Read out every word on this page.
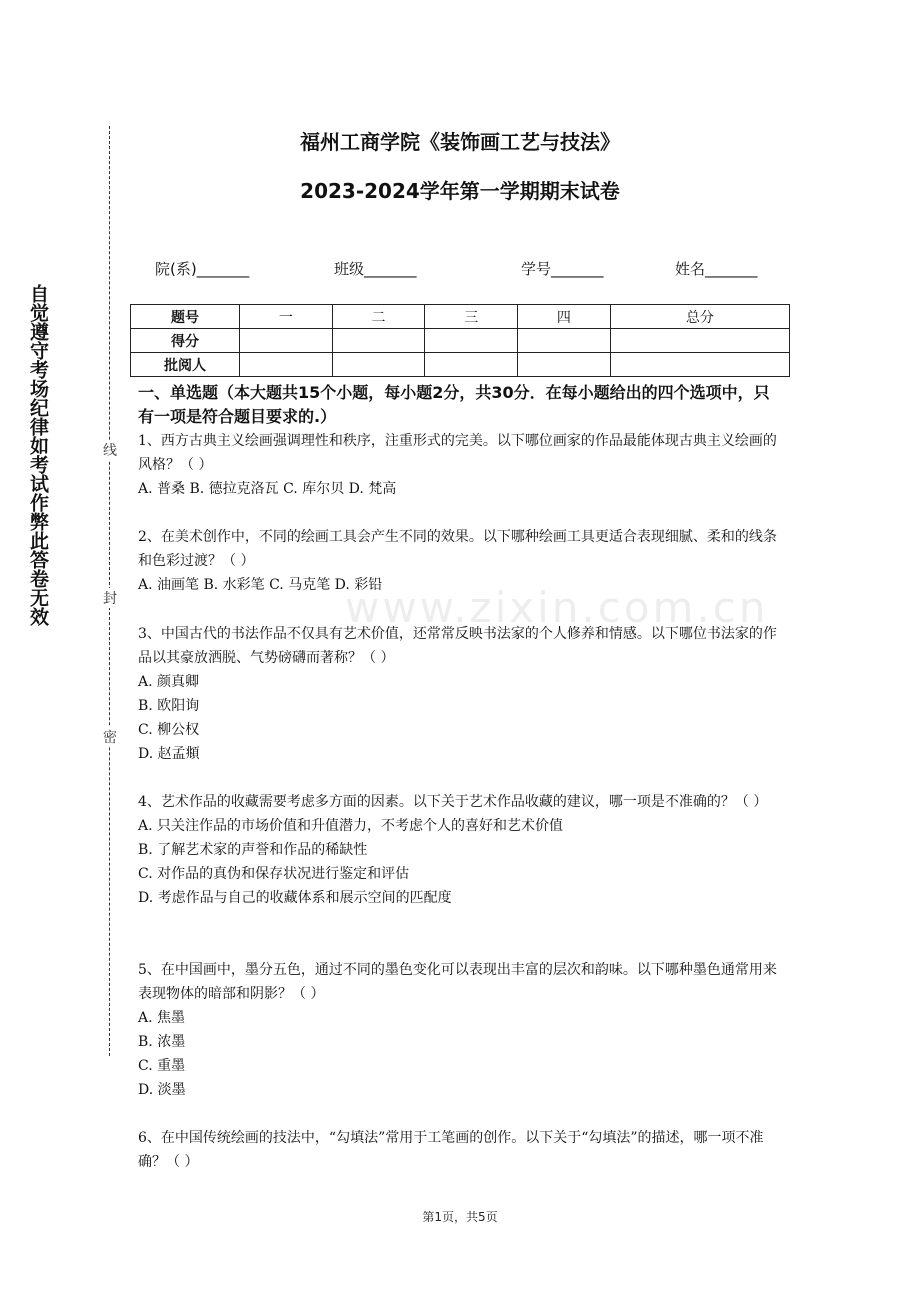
自觉遵守考场纪律如考试作弊此答卷无效	线
封
密
www.zixin.com.cn
福州工商学院《装饰画工艺与技法》
2023-2024学年第一学期期末试卷
院(系)_______	班级_______	学号_______	姓名_______
题号	一	二	三	四	总分
得分					
批阅人					
一、单选题（本大题共15个小题，每小题2分，共30分．在每小题给出的四个选项中，只有一项是符合题目要求的.）

1、西方古典主义绘画强调理性和秩序，注重形式的完美。以下哪位画家的作品最能体现古典主义绘画的风格？（ ）

A. 普桑 B. 德拉克洛瓦 C. 库尔贝 D. 梵高

2、在美术创作中，不同的绘画工具会产生不同的效果。以下哪种绘画工具更适合表现细腻、柔和的线条和色彩过渡？（ ）

A. 油画笔 B. 水彩笔 C. 马克笔 D. 彩铅

3、中国古代的书法作品不仅具有艺术价值，还常常反映书法家的个人修养和情感。以下哪位书法家的作品以其豪放洒脱、气势磅礴而著称？（ ）

A. 颜真卿

B. 欧阳询

C. 柳公权

D. 赵孟頫

4、艺术作品的收藏需要考虑多方面的因素。以下关于艺术作品收藏的建议，哪一项是不准确的？（ ）

A. 只关注作品的市场价值和升值潜力，不考虑个人的喜好和艺术价值

B. 了解艺术家的声誉和作品的稀缺性

C. 对作品的真伪和保存状况进行鉴定和评估

D. 考虑作品与自己的收藏体系和展示空间的匹配度

5、在中国画中，墨分五色，通过不同的墨色变化可以表现出丰富的层次和韵味。以下哪种墨色通常用来表现物体的暗部和阴影？（ ）

A. 焦墨

B. 浓墨

C. 重墨

D. 淡墨

6、在中国传统绘画的技法中，“勾填法”常用于工笔画的创作。以下关于“勾填法”的描述，哪一项不准确？（ ）

第1页，共5页
